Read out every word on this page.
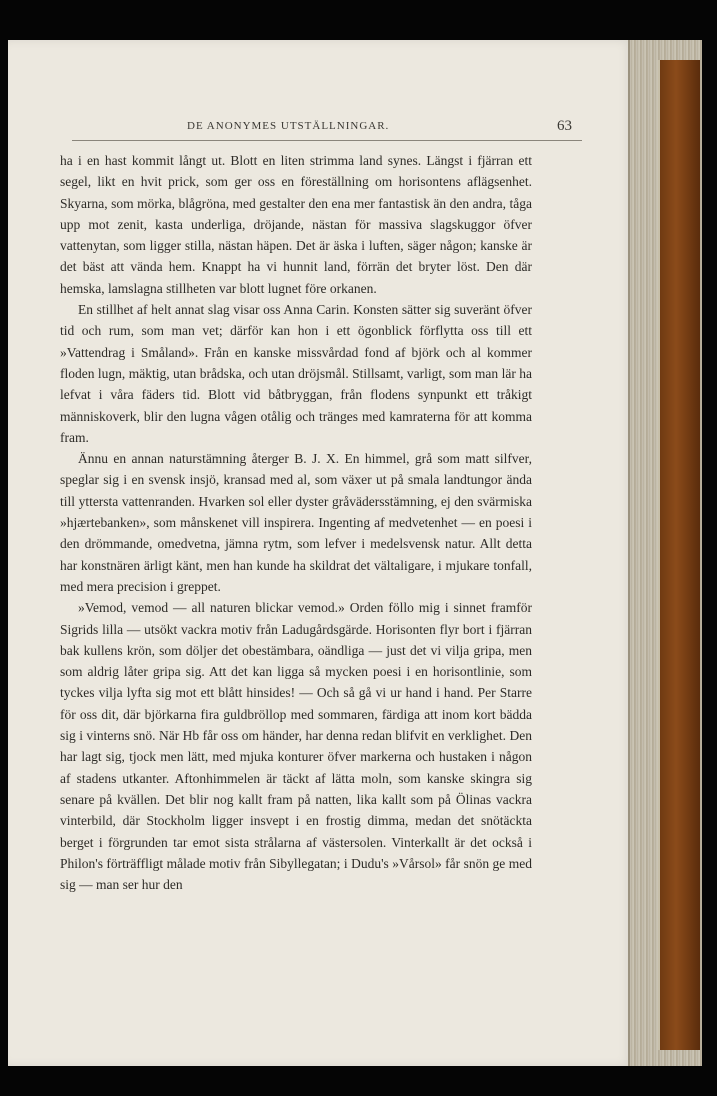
DE ANONYMES UTSTÄLLNINGAR.	63

ha i en hast kommit långt ut. Blott en liten strimma land synes. Längst i fjärran ett segel, likt en hvit prick, som ger oss en föreställning om horisontens aflägsenhet. Skyarna, som mörka, blågröna, med gestalter den ena mer fantastisk än den andra, tåga upp mot zenit, kasta underliga, dröjande, nästan för massiva slagskuggor öfver vattenytan, som ligger stilla, nästan häpen. Det är äska i luften, säger någon; kanske är det bäst att vända hem. Knappt ha vi hunnit land, förrän det bryter löst. Den där hemska, lamslagna stillheten var blott lugnet före orkanen.

En stillhet af helt annat slag visar oss Anna Carin. Konsten sätter sig suveränt öfver tid och rum, som man vet; därför kan hon i ett ögonblick förflytta oss till ett »Vattendrag i Småland». Från en kanske missvårdad fond af björk och al kommer floden lugn, mäktig, utan brådska, och utan dröjsmål. Stillsamt, varligt, som man lär ha lefvat i våra fäders tid. Blott vid båtbryggan, från flodens synpunkt ett tråkigt människoverk, blir den lugna vågen otålig och tränges med kamraterna för att komma fram.

Ännu en annan naturstämning återger B. J. X. En himmel, grå som matt silfver, speglar sig i en svensk insjö, kransad med al, som växer ut på smala landtungor ända till yttersta vattenranden. Hvarken sol eller dyster gråvädersstämning, ej den svärmiska »hjærtebanken», som månskenet vill inspirera. Ingenting af medvetenhet — en poesi i den drömmande, omedvetna, jämna rytm, som lefver i medelsvensk natur. Allt detta har konstnären ärligt känt, men han kunde ha skildrat det vältaligare, i mjukare tonfall, med mera precision i greppet.

»Vemod, vemod — all naturen blickar vemod.» Orden föllo mig i sinnet framför Sigrids lilla — utsökt vackra motiv från Ladugårdsgärde. Horisonten flyr bort i fjärran bak kullens krön, som döljer det obestämbara, oändliga — just det vi vilja gripa, men som aldrig låter gripa sig. Att det kan ligga så mycken poesi i en horisontlinie, som tyckes vilja lyfta sig mot ett blått hinsides! — Och så gå vi ur hand i hand. Per Starre för oss dit, där björkarna fira guldbröllop med sommaren, färdiga att inom kort bädda sig i vinterns snö. När Hb får oss om händer, har denna redan blifvit en verklighet. Den har lagt sig, tjock men lätt, med mjuka konturer öfver markerna och hustaken i någon af stadens utkanter. Aftonhimmelen är täckt af lätta moln, som kanske skingra sig senare på kvällen. Det blir nog kallt fram på natten, lika kallt som på Ölinas vackra vinterbild, där Stockholm ligger insvept i en frostig dimma, medan det snötäckta berget i förgrunden tar emot sista strålarna af västersolen. Vinterkallt är det också i Philon's förträffligt målade motiv från Sibyllegatan; i Dudu's »Vårsol» får snön ge med sig — man ser hur den
